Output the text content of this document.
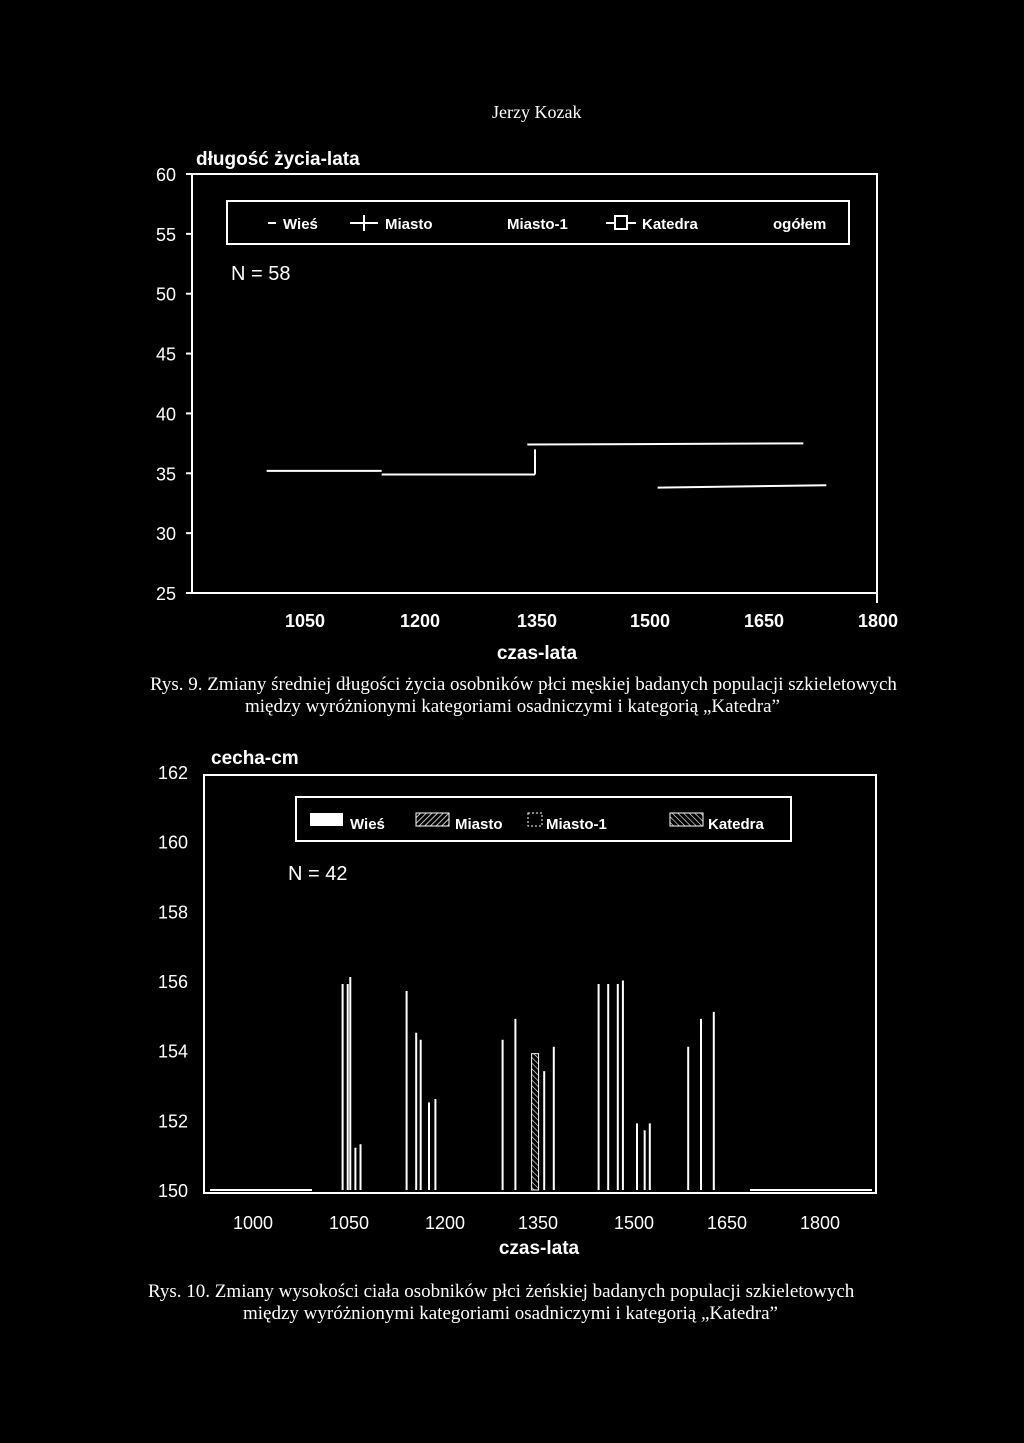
Jerzy Kozak
długość życia-lata
25
30
35
40
45
50
55
60
1050	1200	1350	1500	1650	1800
czas-lata
Wieś	Miasto	Miasto-1	Katedra	ogółem
N = 58
Rys. 9. Zmiany średniej długości życia osobników płci męskiej badanych populacji szkieletowych
między wyróżnionymi kategoriami osadniczymi i kategorią „Katedra”
cecha-cm
150
152
154
156
158
160
162
1000	1050	1200	1350	1500	1650	1800
czas-lata
Wieś	Miasto	Miasto-1	Katedra
N = 42
Rys. 10. Zmiany wysokości ciała osobników płci żeńskiej badanych populacji szkieletowych
między wyróżnionymi kategoriami osadniczymi i kategorią „Katedra”
